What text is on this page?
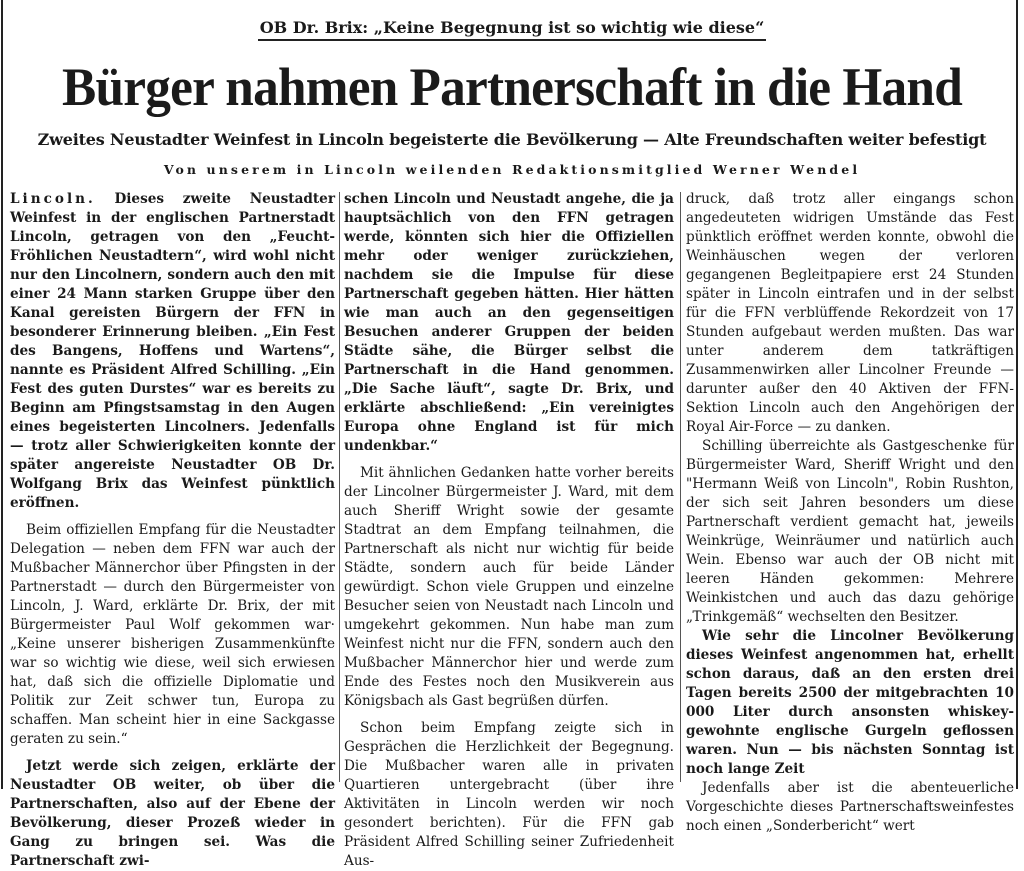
OB Dr. Brix: „Keine Begegnung ist so wichtig wie diese“
Bürger nahmen Partnerschaft in die Hand
Zweites Neustadter Weinfest in Lincoln begeisterte die Bevölkerung — Alte Freundschaften weiter befestigt
Von unserem in Lincoln weilenden Redaktionsmitglied Werner Wendel

Lincoln. Dieses zweite Neustadter Weinfest in der englischen Partnerstadt Lincoln, getragen von den „Feucht-Fröhlichen Neustadtern“, wird wohl nicht nur den Lincolnern, sondern auch den mit einer 24 Mann starken Gruppe über den Kanal gereisten Bürgern der FFN in besonderer Erinnerung bleiben. „Ein Fest des Bangens, Hoffens und Wartens“, nannte es Präsident Alfred Schilling. „Ein Fest des guten Durstes“ war es bereits zu Beginn am Pfingstsamstag in den Augen eines begeisterten Lincolners. Jedenfalls — trotz aller Schwierigkeiten konnte der später angereiste Neustadter OB Dr. Wolfgang Brix das Weinfest pünktlich eröffnen.

Beim offiziellen Empfang für die Neustadter Delegation — neben dem FFN war auch der Mußbacher Männerchor über Pfingsten in der Partnerstadt — durch den Bürgermeister von Lincoln, J. Ward, erklärte Dr. Brix, der mit Bürgermeister Paul Wolf gekommen war· „Keine unserer bisherigen Zusammenkünfte war so wichtig wie diese, weil sich erwiesen hat, daß sich die offizielle Diplomatie und Politik zur Zeit schwer tun, Europa zu schaffen. Man scheint hier in eine Sackgasse geraten zu sein.“

Jetzt werde sich zeigen, erklärte der Neustadter OB weiter, ob über die Partnerschaften, also auf der Ebene der Bevölkerung, dieser Prozeß wieder in Gang zu bringen sei. Was die Partnerschaft zwi-

schen Lincoln und Neustadt angehe, die ja hauptsächlich von den FFN getragen werde, könnten sich hier die Offiziellen mehr oder weniger zurückziehen, nachdem sie die Impulse für diese Partnerschaft gegeben hätten. Hier hätten wie man auch an den gegenseitigen Besuchen anderer Gruppen der beiden Städte sähe, die Bürger selbst die Partnerschaft in die Hand genommen. „Die Sache läuft“, sagte Dr. Brix, und erklärte abschließend: „Ein vereinigtes Europa ohne England ist für mich undenkbar.“

Mit ähnlichen Gedanken hatte vorher bereits der Lincolner Bürgermeister J. Ward, mit dem auch Sheriff Wright sowie der gesamte Stadtrat an dem Empfang teilnahmen, die Partnerschaft als nicht nur wichtig für beide Städte, sondern auch für beide Länder gewürdigt. Schon viele Gruppen und einzelne Besucher seien von Neustadt nach Lincoln und umgekehrt gekommen. Nun habe man zum Weinfest nicht nur die FFN, sondern auch den Mußbacher Männerchor hier und werde zum Ende des Festes noch den Musikverein aus Königsbach als Gast begrüßen dürfen.

Schon beim Empfang zeigte sich in Gesprächen die Herzlichkeit der Begegnung. Die Mußbacher waren alle in privaten Quartieren untergebracht (über ihre Aktivitäten in Lincoln werden wir noch gesondert berichten). Für die FFN gab Präsident Alfred Schilling seiner Zufriedenheit Aus-

druck, daß trotz aller eingangs schon angedeuteten widrigen Umstände das Fest pünktlich eröffnet werden konnte, obwohl die Weinhäuschen wegen der verloren gegangenen Begleitpapiere erst 24 Stunden später in Lincoln eintrafen und in der selbst für die FFN verblüffende Rekordzeit von 17 Stunden aufgebaut werden mußten. Das war unter anderem dem tatkräftigen Zusammenwirken aller Lincolner Freunde — darunter außer den 40 Aktiven der FFN-Sektion Lincoln auch den Angehörigen der Royal Air-Force — zu danken.

Schilling überreichte als Gastgeschenke für Bürgermeister Ward, Sheriff Wright und den "Hermann Weiß von Lincoln", Robin Rushton, der sich seit Jahren besonders um diese Partnerschaft verdient gemacht hat, jeweils Weinkrüge, Weinräumer und natürlich auch Wein. Ebenso war auch der OB nicht mit leeren Händen gekommen: Mehrere Weinkistchen und auch das dazu gehörige „Trinkgemäß“ wechselten den Besitzer.

Wie sehr die Lincolner Bevölkerung dieses Weinfest angenommen hat, erhellt schon daraus, daß an den ersten drei Tagen bereits 2500 der mitgebrachten 10 000 Liter durch ansonsten whiskey-gewohnte englische Gurgeln geflossen waren. Nun — bis nächsten Sonntag ist noch lange Zeit

Jedenfalls aber ist die abenteuerliche Vorgeschichte dieses Partnerschaftsweinfestes noch einen „Sonderbericht“ wert
